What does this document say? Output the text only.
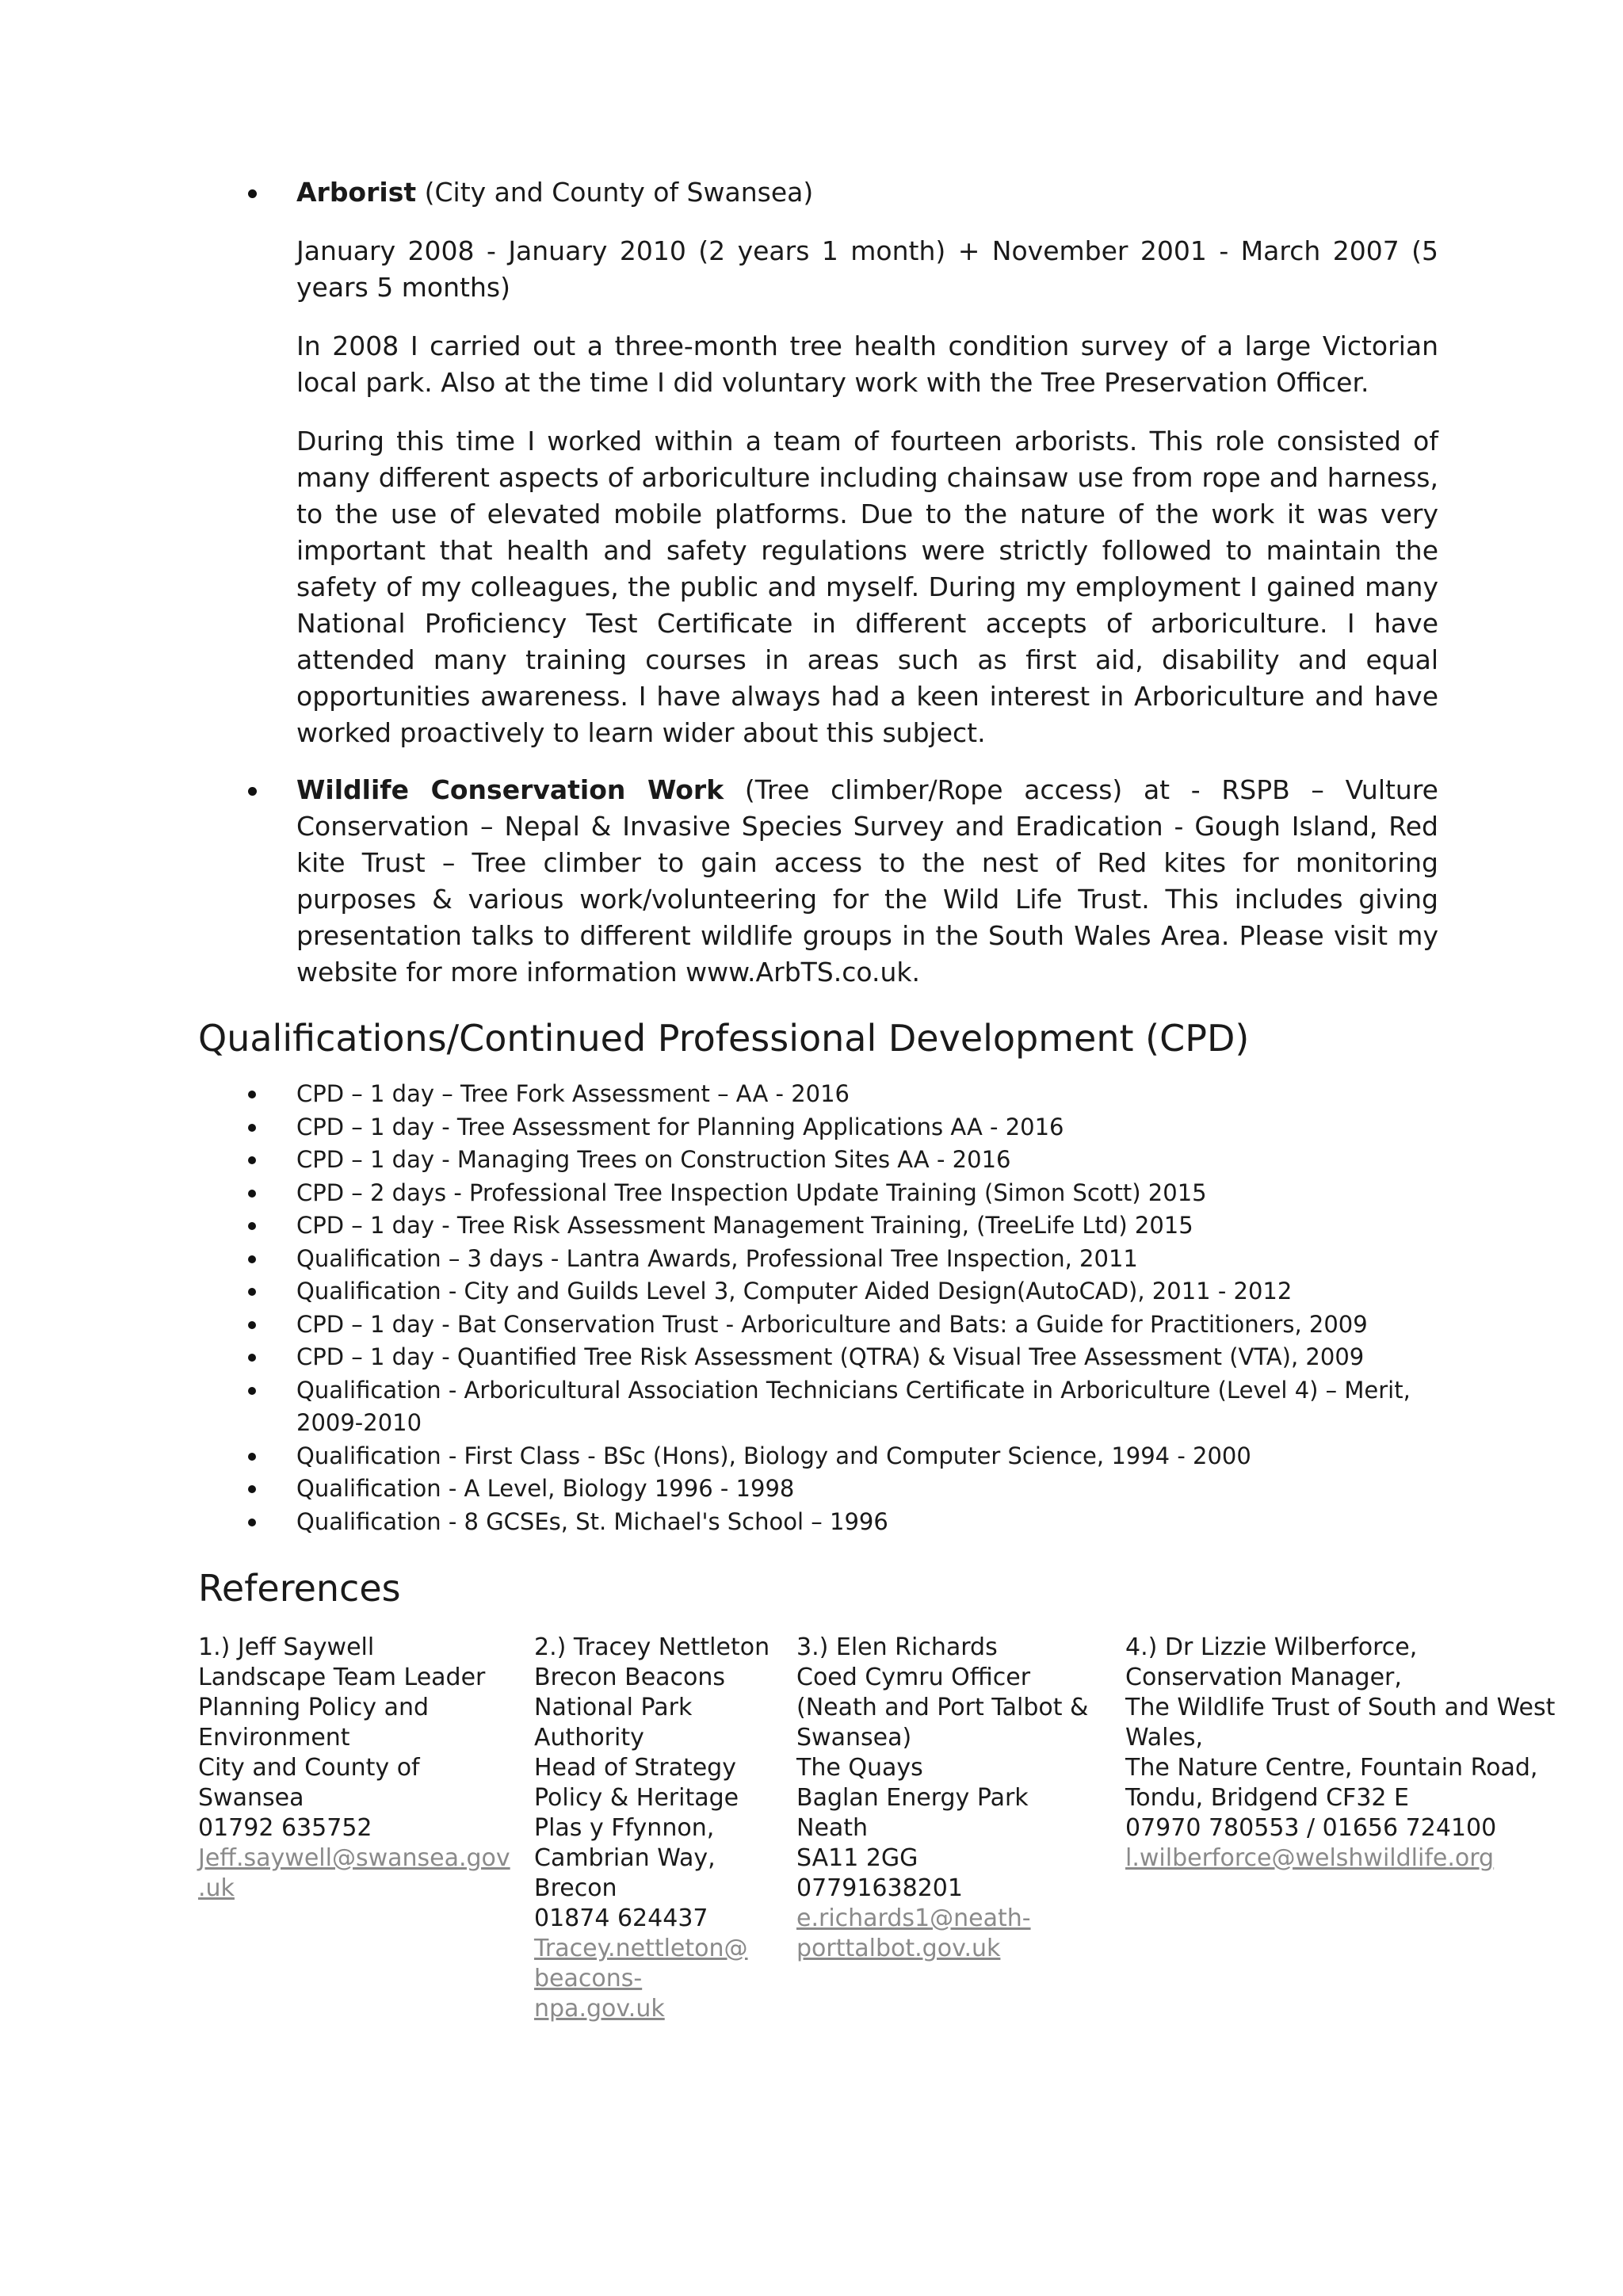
Arborist (City and County of Swansea)

January 2008 - January 2010 (2 years 1 month) + November 2001 - March 2007 (5 years 5 months)

In 2008 I carried out a three-month tree health condition survey of a large Victorian local park. Also at the time I did voluntary work with the Tree Preservation Officer.

During this time I worked within a team of fourteen arborists. This role consisted of many different aspects of arboriculture including chainsaw use from rope and harness, to the use of elevated mobile platforms. Due to the nature of the work it was very important that health and safety regulations were strictly followed to maintain the safety of my colleagues, the public and myself. During my employment I gained many National Proficiency Test Certificate in different accepts of arboriculture. I have attended many training courses in areas such as first aid, disability and equal opportunities awareness. I have always had a keen interest in Arboriculture and have worked proactively to learn wider about this subject.

Wildlife Conservation Work (Tree climber/Rope access) at - RSPB – Vulture Conservation – Nepal & Invasive Species Survey and Eradication - Gough Island, Red kite Trust – Tree climber to gain access to the nest of Red kites for monitoring purposes & various work/volunteering for the Wild Life Trust. This includes giving presentation talks to different wildlife groups in the South Wales Area. Please visit my website for more information www.ArbTS.co.uk.

Qualifications/Continued Professional Development (CPD)
CPD – 1 day – Tree Fork Assessment – AA - 2016
CPD – 1 day - Tree Assessment for Planning Applications AA - 2016
CPD – 1 day - Managing Trees on Construction Sites AA - 2016
CPD – 2 days - Professional Tree Inspection Update Training (Simon Scott) 2015
CPD – 1 day - Tree Risk Assessment Management Training, (TreeLife Ltd) 2015
Qualification – 3 days - Lantra Awards, Professional Tree Inspection, 2011
Qualification - City and Guilds Level 3, Computer Aided Design(AutoCAD), 2011 - 2012
CPD – 1 day - Bat Conservation Trust - Arboriculture and Bats: a Guide for Practitioners, 2009
CPD – 1 day - Quantified Tree Risk Assessment (QTRA) & Visual Tree Assessment (VTA), 2009
Qualification - Arboricultural Association Technicians Certificate in Arboriculture (Level 4) – Merit, 2009-2010
Qualification - First Class - BSc (Hons), Biology and Computer Science, 1994 - 2000
Qualification - A Level, Biology 1996 - 1998
Qualification - 8 GCSEs, St. Michael's School – 1996
References
1.) Jeff Saywell
Landscape Team Leader
Planning Policy and
Environment
City and County of
Swansea
01792 635752
Jeff.saywell@swansea.gov
.uk
2.) Tracey Nettleton
Brecon Beacons
National Park
Authority
Head of Strategy
Policy & Heritage
Plas y Ffynnon,
Cambrian Way,
Brecon
01874 624437
Tracey.nettleton@
beacons-
npa.gov.uk
3.) Elen Richards
Coed Cymru Officer
(Neath and Port Talbot &
Swansea)
The Quays
Baglan Energy Park
Neath
SA11 2GG
07791638201
e.richards1@neath-
porttalbot.gov.uk
4.) Dr Lizzie Wilberforce,
Conservation Manager,
The Wildlife Trust of South and West
Wales,
The Nature Centre, Fountain Road,
Tondu, Bridgend CF32 E
07970 780553 / 01656 724100
l.wilberforce@welshwildlife.org
